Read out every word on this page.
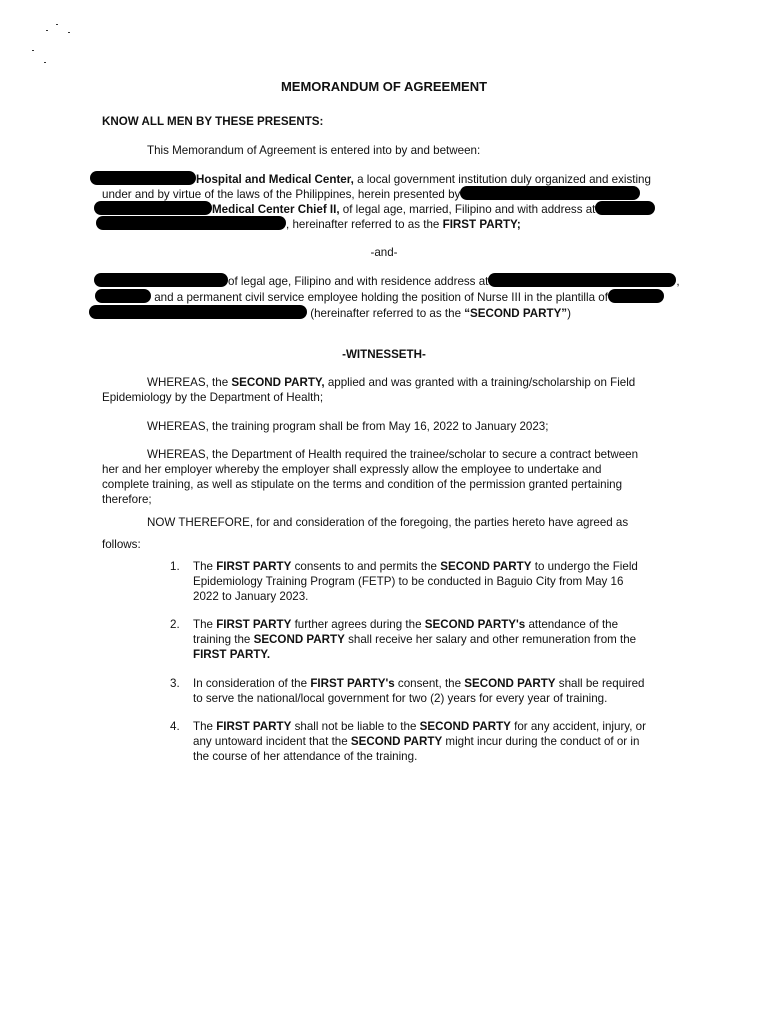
MEMORANDUM OF AGREEMENT
KNOW ALL MEN BY THESE PRESENTS:
This Memorandum of Agreement is entered into by and between:
Hospital and Medical Center, a local government institution duly organized and existing
under and by virtue of the laws of the Philippines, herein presented by
Medical Center Chief II, of legal age, married, Filipino and with address at
, hereinafter referred to as the FIRST PARTY;
-and-
of legal age, Filipino and with residence address at	,
and a permanent civil service employee holding the position of Nurse III in the plantilla of
(hereinafter referred to as the “SECOND PARTY”)
-WITNESSETH-
WHEREAS, the SECOND PARTY, applied and was granted with a training/scholarship on Field
Epidemiology by the Department of Health;
WHEREAS, the training program shall be from May 16, 2022 to January 2023;
WHEREAS, the Department of Health required the trainee/scholar to secure a contract between
her and her employer whereby the employer shall expressly allow the employee to undertake and
complete training, as well as stipulate on the terms and condition of the permission granted pertaining
therefore;
NOW THEREFORE, for and consideration of the foregoing, the parties hereto have agreed as
follows:
1. The FIRST PARTY consents to and permits the SECOND PARTY to undergo the Field
Epidemiology Training Program (FETP) to be conducted in Baguio City from May 16
2022 to January 2023.
2. The FIRST PARTY further agrees during the SECOND PARTY's attendance of the
training the SECOND PARTY shall receive her salary and other remuneration from the
FIRST PARTY.
3. In consideration of the FIRST PARTY's consent, the SECOND PARTY shall be required
to serve the national/local government for two (2) years for every year of training.
4. The FIRST PARTY shall not be liable to the SECOND PARTY for any accident, injury, or
any untoward incident that the SECOND PARTY might incur during the conduct of or in
the course of her attendance of the training.
